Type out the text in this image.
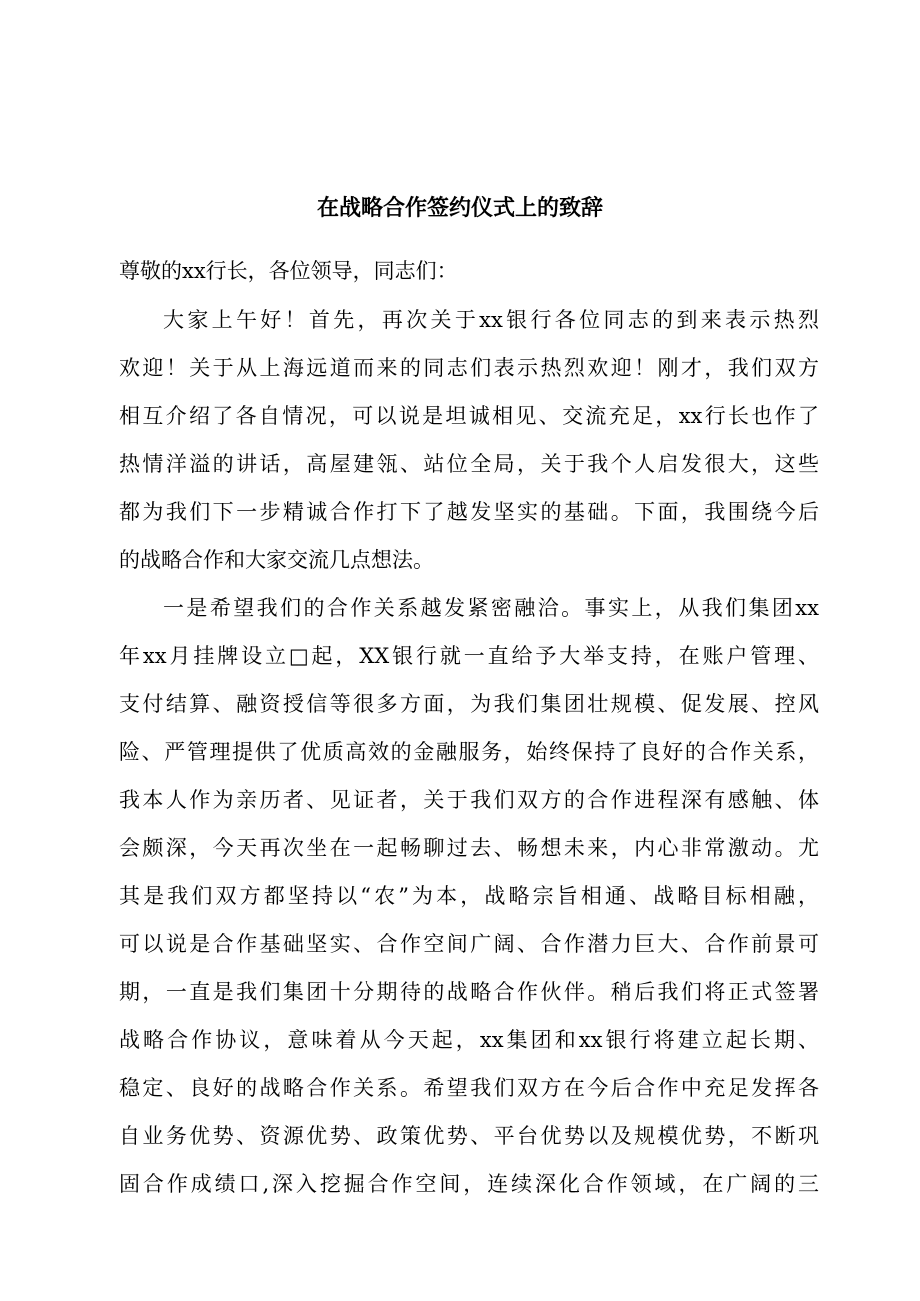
在战略合作签约仪式上的致辞
尊敬的xx行长，各位领导，同志们：
大家上午好！首先，再次关于xx银行各位同志的到来表示热烈
欢迎！关于从上海远道而来的同志们表示热烈欢迎！刚才，我们双方
相互介绍了各自情况，可以说是坦诚相见、交流充足，xx行长也作了
热情洋溢的讲话，高屋建瓴、站位全局，关于我个人启发很大，这些
都为我们下一步精诚合作打下了越发坚实的基础。下面，我围绕今后
的战略合作和大家交流几点想法。
一是希望我们的合作关系越发紧密融洽。事实上，从我们集团xx
年xx月挂牌设立□起，XX银行就一直给予大举支持，在账户管理、
支付结算、融资授信等很多方面，为我们集团壮规模、促发展、控风
险、严管理提供了优质高效的金融服务，始终保持了良好的合作关系，
我本人作为亲历者、见证者，关于我们双方的合作进程深有感触、体
会颇深，今天再次坐在一起畅聊过去、畅想未来，内心非常激动。尤
其是我们双方都坚持以“农”为本，战略宗旨相通、战略目标相融，
可以说是合作基础坚实、合作空间广阔、合作潜力巨大、合作前景可
期，一直是我们集团十分期待的战略合作伙伴。稍后我们将正式签署
战略合作协议，意味着从今天起，xx集团和xx银行将建立起长期、
稳定、良好的战略合作关系。希望我们双方在今后合作中充足发挥各
自业务优势、资源优势、政策优势、平台优势以及规模优势，不断巩
固合作成绩口,深入挖掘合作空间，连续深化合作领域，在广阔的三
